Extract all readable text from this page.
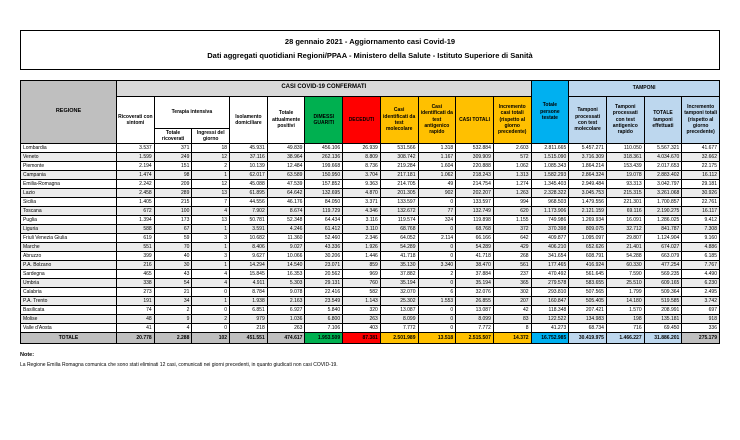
28 gennaio 2021 - Aggiornamento casi Covid-19
Dati aggregati quotidiani Regioni/PPAA - Ministero della Salute - Istituto Superiore di Sanità
REGIONE	CASI COVID-19 CONFERMATI											Totale persone testate	TAMPONI			
	Ricoverati con sintomi	Terapia intensiva		Isolamento domiciliare	Totale attualmente positivi	DIMESSI GUARITI	DECEDUTI	Casi identificati da test molecolare	Casi identificati da test antigenico rapido	CASI TOTALI	Incremento casi totali (rispetto al giorno precedente)		Tamponi processati con test molecolare	Tamponi processati con test antigenico rapido	TOTALE tamponi effettuati	Incremento tamponi totali (rispetto al giorno precedente)
		Totale ricoverati	Ingressi del giorno													
Lombardia	3.537	371	18	45.931	49.839	456.106	26.939	531.566	1.318	532.884	2.603	2.811.665	5.457.271	110.050	5.567.321	41.677
Veneto	1.599	249	12	37.116	38.964	262.136	8.809	308.742	1.167	309.909	572	1.515.090	3.716.309	318.361	4.034.670	32.662
Piemonte	2.194	151	2	10.139	12.484	199.668	8.736	219.284	1.604	220.888	1.062	1.085.343	1.864.214	153.439	2.017.653	22.175
Campania	1.474	98	1	62.017	63.589	150.950	3.704	217.181	1.062	218.243	1.313	1.582.293	2.864.324	19.078	2.883.402	16.112
Emilia-Romagna	2.242	209	12	45.088	47.539	157.852	9.363	214.705	49	214.754	1.274	1.345.403	2.949.484	93.313	3.042.797	29.181
Lazio	2.458	289	13	61.895	64.642	132.695	4.870	201.305	902	202.207	1.263	2.328.322	3.045.753	215.315	3.261.068	30.926
Sicilia	1.405	215	7	44.556	46.176	84.050	3.371	133.597	0	133.597	994	968.503	1.479.556	221.301	1.700.857	22.761
Toscana	672	100	4	7.902	8.674	119.729	4.346	132.672	77	132.749	620	1.173.906	2.121.159	69.116	2.190.275	16.117
Puglia	1.394	173	13	50.781	52.348	64.434	3.116	119.574	324	119.898	1.155	749.986	1.269.934	16.091	1.286.025	9.412
Liguria	588	67	1	3.591	4.246	61.412	3.110	68.768	0	68.768	372	370.398	809.075	32.712	841.787	7.308
Friuli Venezia Giulia	619	59	3	10.682	11.360	52.460	2.346	64.052	2.114	66.166	642	409.877	1.095.097	29.807	1.124.904	9.160
Marche	551	70	1	8.406	9.027	43.336	1.926	54.289	0	54.289	429	406.210	652.626	21.401	674.027	4.886
Abruzzo	399	40	3	9.627	10.066	30.206	1.446	41.718	0	41.718	268	341.654	608.791	54.288	663.079	6.185
P.A. Bolzano	216	30	1	14.294	14.540	23.071	859	35.130	3.340	38.470	561	177.465	416.924	60.330	477.254	7.767
Sardegna	465	43	4	15.845	16.353	20.562	969	37.882	2	37.884	237	470.492	561.645	7.590	569.235	4.490
Umbria	338	54	4	4.911	5.303	29.131	760	35.194	0	35.194	365	279.578	583.655	25.510	609.165	6.230
Calabria	273	21	0	8.784	9.078	22.416	582	32.070	6	32.076	302	293.810	507.565	1.799	509.364	2.495
P.A. Trento	191	34	1	1.938	2.163	23.549	1.143	25.302	1.553	26.855	207	160.847	505.405	14.180	519.585	3.742
Basilicata	74	2	0	6.851	6.927	5.840	320	13.087	0	13.087	42	118.348	207.421	1.570	208.991	697
Molise	48	9	2	979	1.036	6.800	263	8.099	0	8.099	83	122.522	134.983	198	135.181	918
Valle d'Aosta	41	4	0	218	263	7.106	403	7.772	0	7.772	8	41.273	68.734	716	69.450	336
TOTALE	20.778	2.288	102	451.551	474.617	1.953.509	87.381	2.501.989	13.518	2.515.507	14.372	16.752.985	30.419.975	1.466.227	31.886.201	275.179
Note:
La Regione Emilia Romagna comunica che sono stati eliminati 12 casi, comunicati nei giorni precedenti, in quanto giudicati non casi COVID-19.
